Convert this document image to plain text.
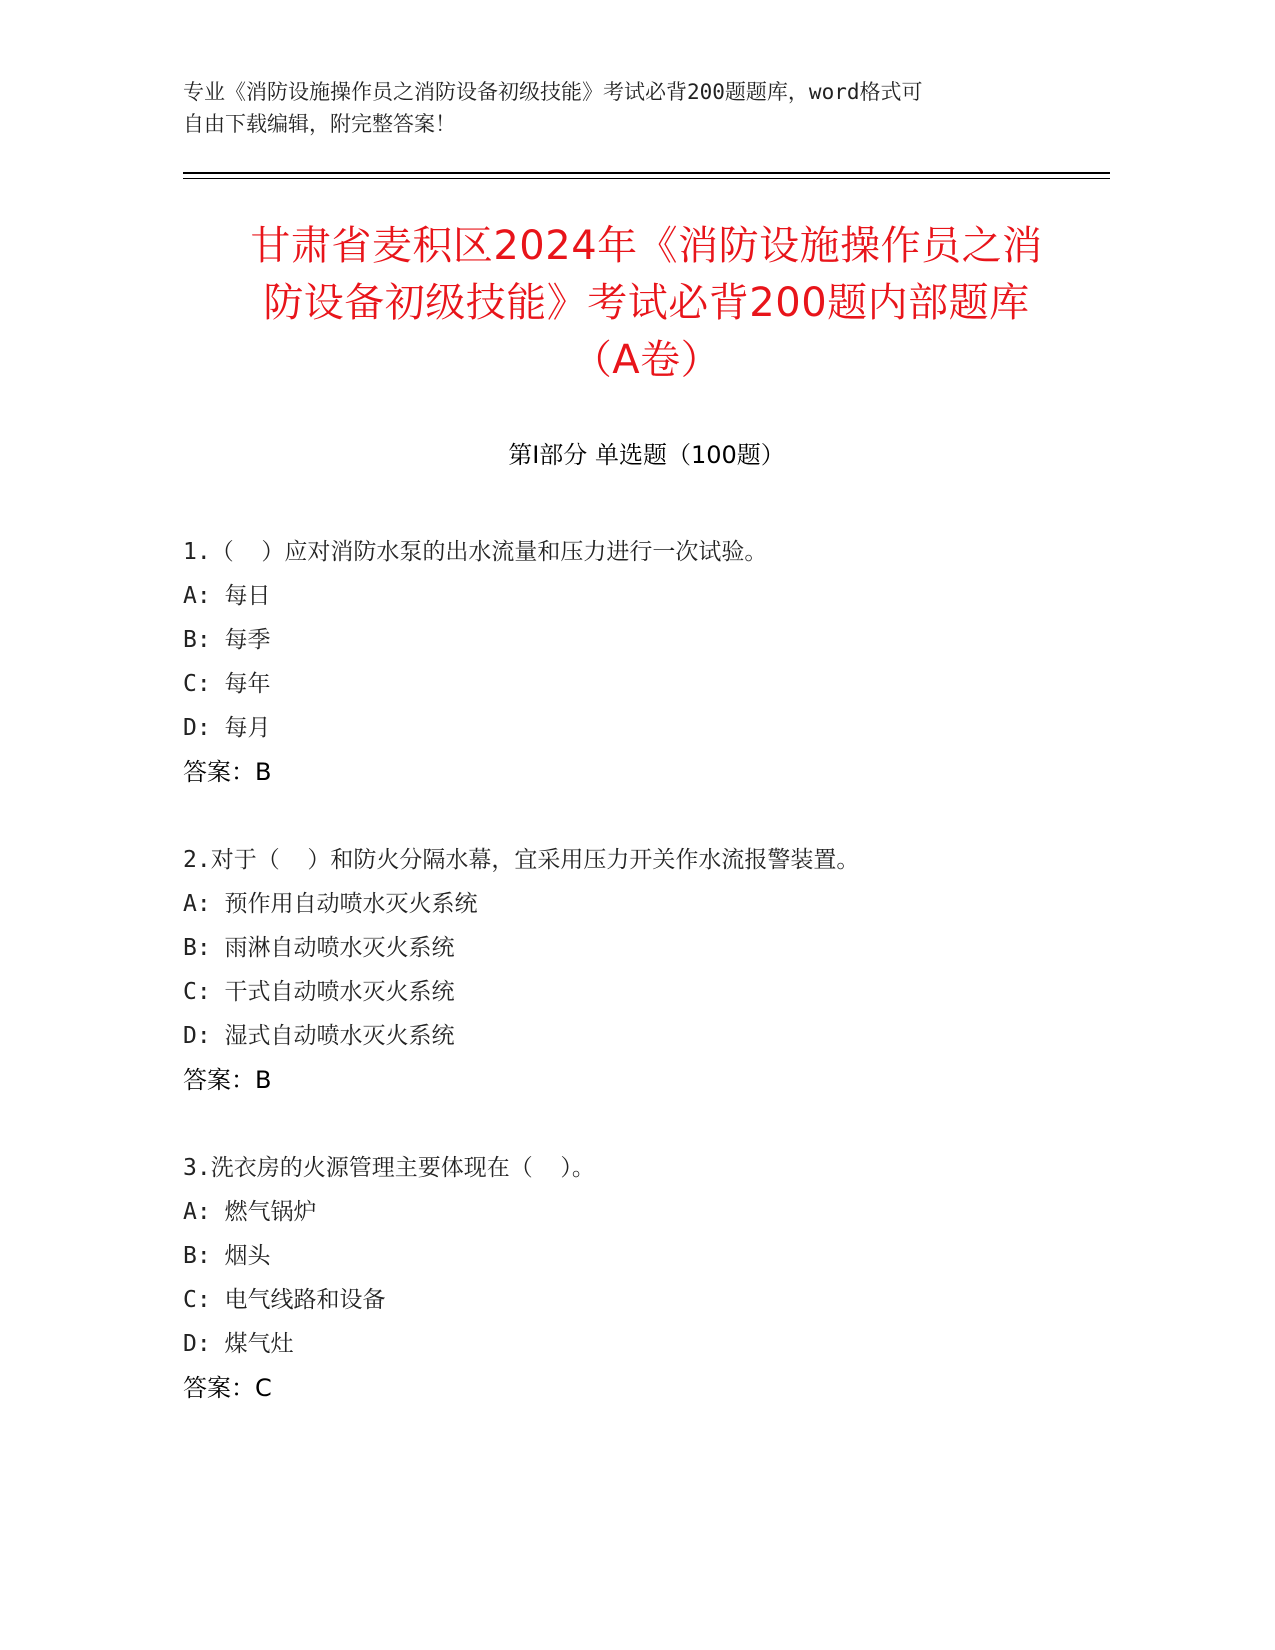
专业《消防设施操作员之消防设备初级技能》考试必背200题题库，word格式可
自由下载编辑，附完整答案！
甘肃省麦积区2024年《消防设施操作员之消
防设备初级技能》考试必背200题内部题库
（A卷）
第I部分 单选题（100题）
1.（  ）应对消防水泵的出水流量和压力进行一次试验。
A: 每日
B: 每季
C: 每年
D: 每月
答案：B
2.对于（  ）和防火分隔水幕，宜采用压力开关作水流报警装置。
A: 预作用自动喷水灭火系统
B: 雨淋自动喷水灭火系统
C: 干式自动喷水灭火系统
D: 湿式自动喷水灭火系统
答案：B
3.洗衣房的火源管理主要体现在（  ）。
A: 燃气锅炉
B: 烟头
C: 电气线路和设备
D: 煤气灶
答案：C
